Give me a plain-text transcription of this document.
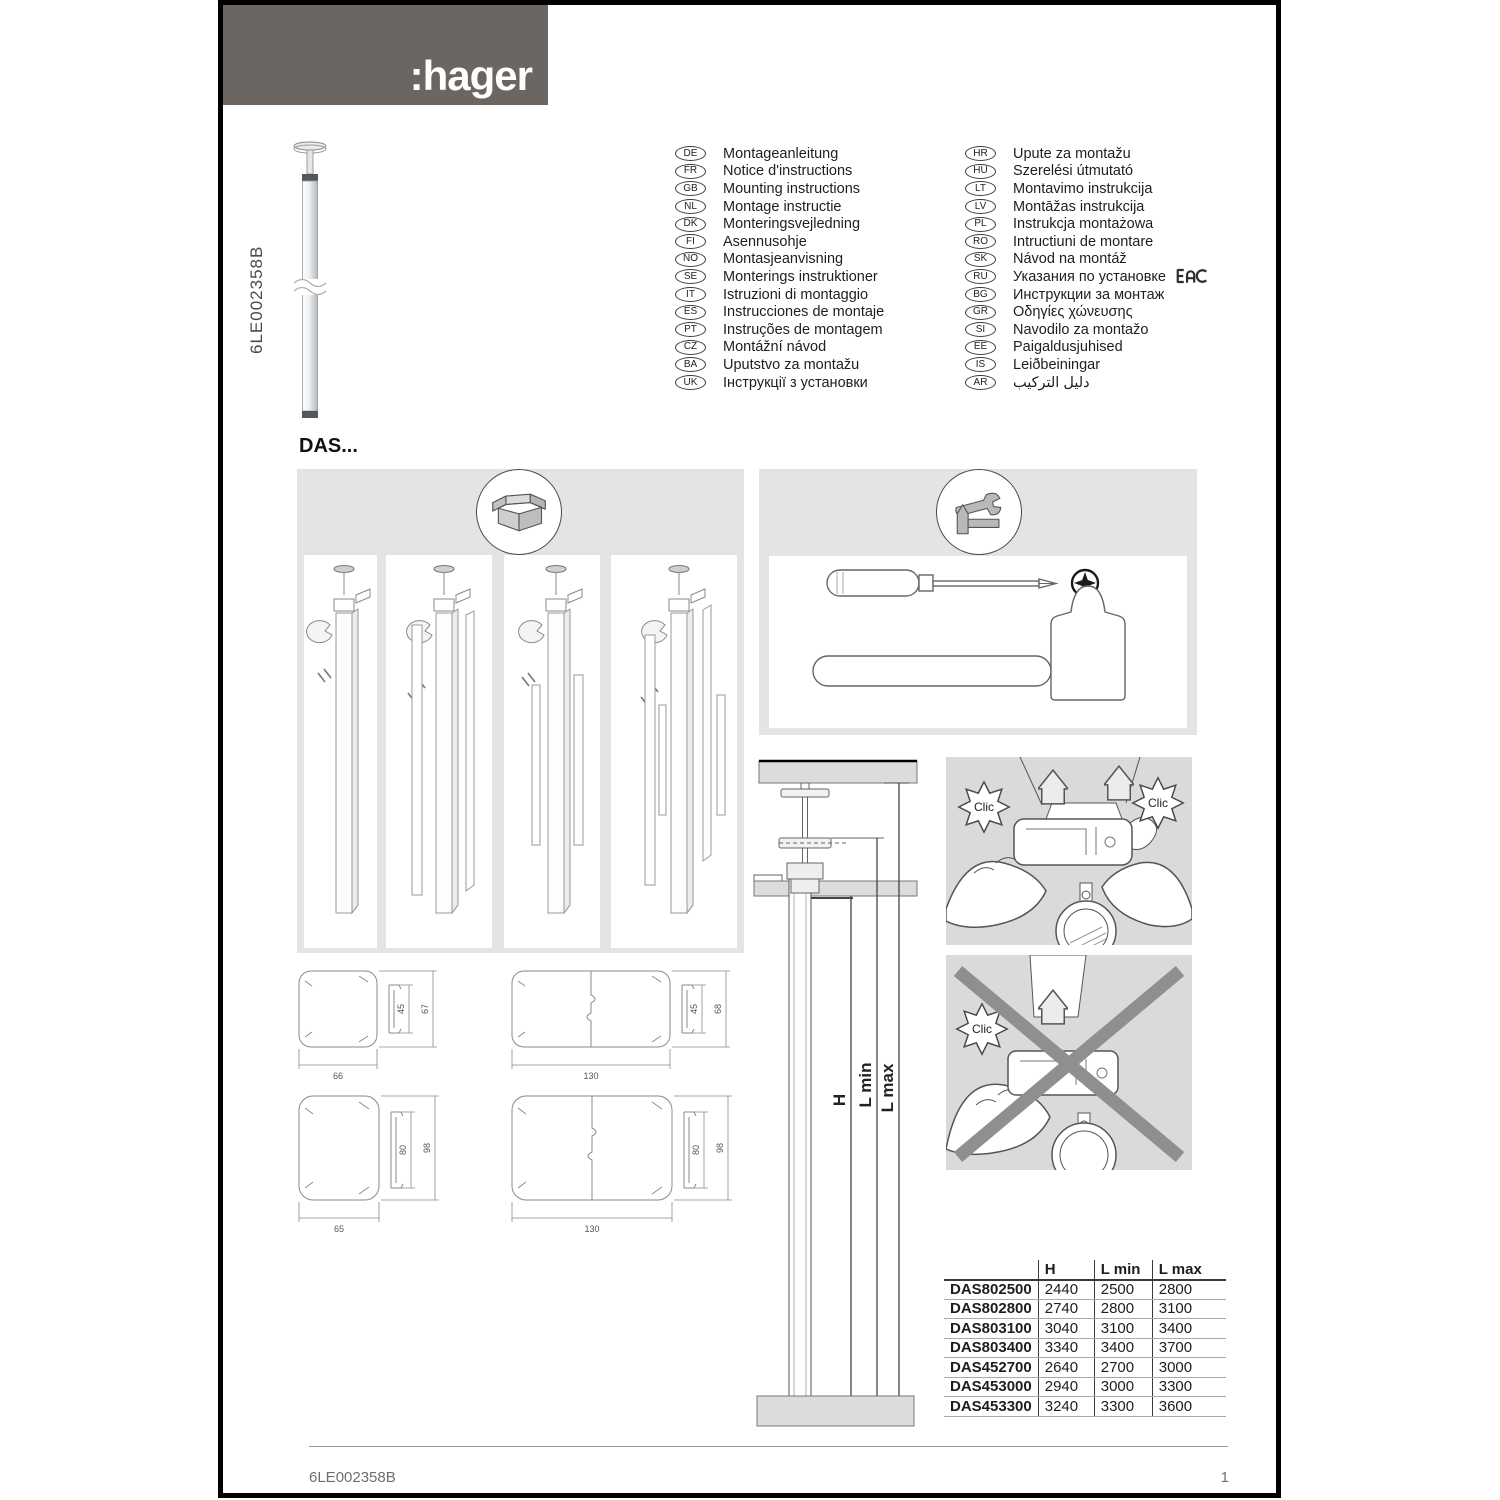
:hager
6LE002358B
DE	Montageanleitung
FR	Notice d'instructions
GB	Mounting instructions
NL	Montage instructie
DK	Monteringsvejledning
FI	Asennusohje
NO	Montasjeanvisning
SE	Monterings instruktioner
IT	Istruzioni di montaggio
ES	Instrucciones de montaje
PT	Instruções de montagem
CZ	Montážní návod
BA	Uputstvo za montažu
UK	Інструкції з установки
HR	Upute za montažu
HU	Szerelési útmutató
LT	Montavimo instrukcija
LV	Montāžas instrukcija
PL	Instrukcja montażowa
RO	Intructiuni de montare
SK	Návod na montáž
RU	Указания по установке
BG	Инструкции за монтаж
GR	Οδηγίες χώνευσης
SI	Navodilo za montažo
EE	Paigaldusjuhised
IS	Leiðbeiningar
AR	دليل التركيب
DAS...
45 67
66
45 68
130
80 98
65
80 98
130
H L min L max
Clic	Clic
Clic
	H	L min	L max
DAS802500	2440	2500	2800
DAS802800	2740	2800	3100
DAS803100	3040	3100	3400
DAS803400	3340	3400	3700
DAS452700	2640	2700	3000
DAS453000	2940	3000	3300
DAS453300	3240	3300	3600
6LE002358B	1
